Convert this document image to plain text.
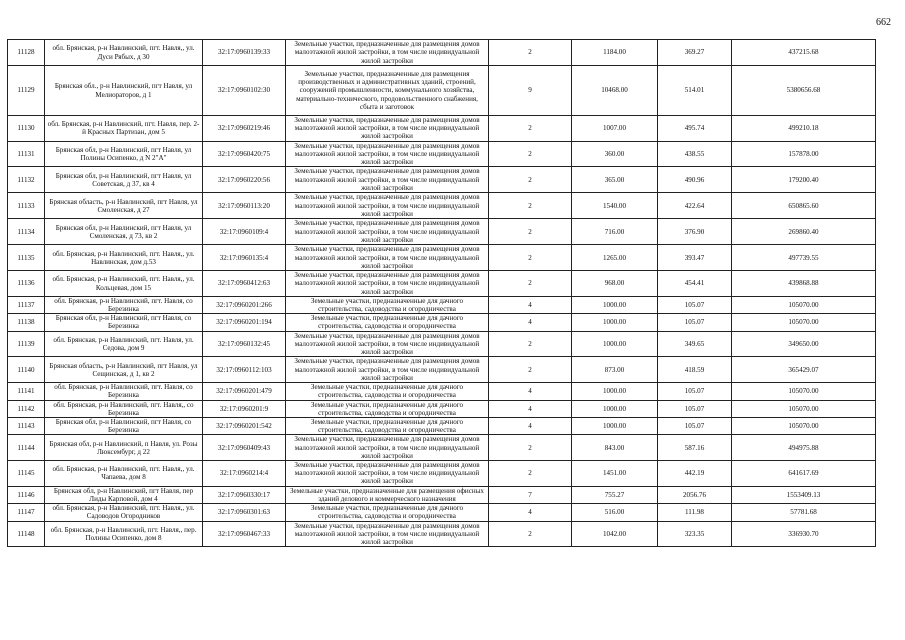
662
11128	обл. Брянская, р-н Навлинский, пгт. Навля,, ул. Дуси Рябых, д 30	32:17:0960139:33	Земельные участки, предназначенные для размещения домов малоэтажной жилой застройки, в том числе индивидуальной жилой застройки	2	1184.00	369.27	437215.68
11129	Брянская обл., р-н Навлинский, пгт Навля, ул Мелиораторов, д 1	32:17:0960102:30	Земельные участки, предназначенные для размещения производственных и административных зданий, строений, сооружений промышленности, коммунального хозяйства, материально-технического, продовольственного снабжения, сбыта и заготовок	9	10468.00	514.01	5380656.68
11130	обл. Брянская, р-н Навлинский, пгт. Навля, пер. 2-й Красных Партизан, дом 5	32:17:0960219:46	Земельные участки, предназначенные для размещения домов малоэтажной жилой застройки, в том числе индивидуальной жилой застройки	2	1007.00	495.74	499210.18
11131	Брянская обл, р-н Навлинский, пгт Навля, ул Полины Осипенко, д N 2"А"	32:17:0960420:75	Земельные участки, предназначенные для размещения домов малоэтажной жилой застройки, в том числе индивидуальной жилой застройки	2	360.00	438.55	157878.00
11132	Брянская обл, р-н Навлинский, пгт Навля, ул Советская, д 37, кв 4	32:17:0960220:56	Земельные участки, предназначенные для размещения домов малоэтажной жилой застройки, в том числе индивидуальной жилой застройки	2	365.00	490.96	179200.40
11133	Брянская область, р-н Навлинский, пгт Навля, ул Смоленская, д 27	32:17:0960113:20	Земельные участки, предназначенные для размещения домов малоэтажной жилой застройки, в том числе индивидуальной жилой застройки	2	1540.00	422.64	650865.60
11134	Брянская обл, р-н Навлинский, пгт Навля, ул Смоленская, д 73, кв 2	32:17:0960109:4	Земельные участки, предназначенные для размещения домов малоэтажной жилой застройки, в том числе индивидуальной жилой застройки	2	716.00	376.90	269860.40
11135	обл. Брянская, р-н Навлинский, пгт. Навля,, ул. Навлинская, дом д.53	32:17:0960135:4	Земельные участки, предназначенные для размещения домов малоэтажной жилой застройки, в том числе индивидуальной жилой застройки	2	1265.00	393.47	497739.55
11136	обл. Брянская, р-н Навлинский, пгт. Навля,, ул. Кольцевая, дом 15	32:17:0960412:63	Земельные участки, предназначенные для размещения домов малоэтажной жилой застройки, в том числе индивидуальной жилой застройки	2	968.00	454.41	439868.88
11137	обл. Брянская, р-н Навлинский, пгт. Навля, со Березинка	32:17:0960201:266	Земельные участки, предназначенные для дачного строительства, садоводства и огородничества	4	1000.00	105.07	105070.00
11138	Брянская обл, р-н Навлинский, пгт Навля, со Березинка	32:17:0960201:194	Земельные участки, предназначенные для дачного строительства, садоводства и огородничества	4	1000.00	105.07	105070.00
11139	обл. Брянская, р-н Навлинский, пгт. Навля, ул. Седова, дом 9	32:17:0960132:45	Земельные участки, предназначенные для размещения домов малоэтажной жилой застройки, в том числе индивидуальной жилой застройки	2	1000.00	349.65	349650.00
11140	Брянская область, р-н Навлинский, пгт Навля, ул Сещинская, д 1, кв 2	32:17:0960112:103	Земельные участки, предназначенные для размещения домов малоэтажной жилой застройки, в том числе индивидуальной жилой застройки	2	873.00	418.59	365429.07
11141	обл. Брянская, р-н Навлинский, пгт. Навля, со Березинка	32:17:0960201:479	Земельные участки, предназначенные для дачного строительства, садоводства и огородничества	4	1000.00	105.07	105070.00
11142	обл. Брянская, р-н Навлинский, пгт. Навля,, со Березинка	32:17:0960201:9	Земельные участки, предназначенные для дачного строительства, садоводства и огородничества	4	1000.00	105.07	105070.00
11143	Брянская обл, р-н Навлинский, пгт Навля, со Березинка	32:17:0960201:542	Земельные участки, предназначенные для дачного строительства, садоводства и огородничества	4	1000.00	105.07	105070.00
11144	Брянская обл, р-н Навлинский, п Навля, ул. Розы Люксембург, д 22	32:17:0960409:43	Земельные участки, предназначенные для размещения домов малоэтажной жилой застройки, в том числе индивидуальной жилой застройки	2	843.00	587.16	494975.88
11145	обл. Брянская, р-н Навлинский, пгт. Навля,, ул. Чапаева, дом 8	32:17:0960214:4	Земельные участки, предназначенные для размещения домов малоэтажной жилой застройки, в том числе индивидуальной жилой застройки	2	1451.00	442.19	641617.69
11146	Брянская обл, р-н Навлинский, пгт Навля, пер Лиды Карповой, дом 4	32:17:0960330:17	Земельные участки, предназначенные для размещения офисных зданий делового и коммерческого назначения	7	755.27	2056.76	1553409.13
11147	обл. Брянская, р-н Навлинский, пгт. Навля,, ул. Садоводов Огородников	32:17:0960301:63	Земельные участки, предназначенные для дачного строительства, садоводства и огородничества	4	516.00	111.98	57781.68
11148	обл. Брянская, р-н Навлинский, пгт. Навля,, пер. Полины Осипенко, дом 8	32:17:0960467:33	Земельные участки, предназначенные для размещения домов малоэтажной жилой застройки, в том числе индивидуальной жилой застройки	2	1042.00	323.35	336930.70
